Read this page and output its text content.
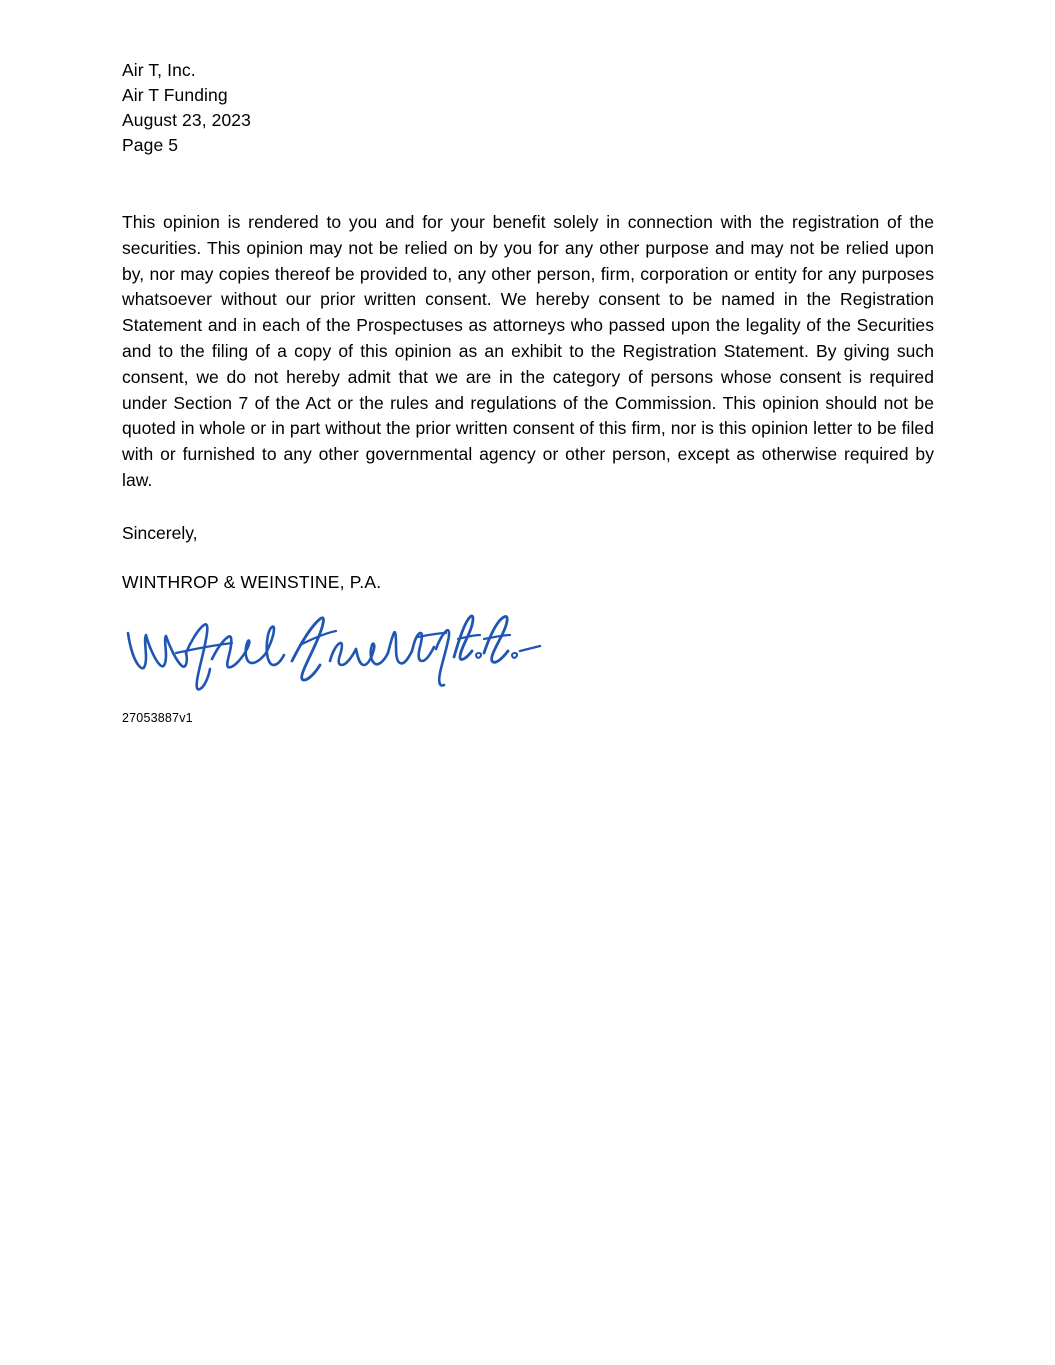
Air T, Inc.
Air T Funding
August 23, 2023
Page 5

This opinion is rendered to you and for your benefit solely in connection with the registration of the securities. This opinion may not be relied on by you for any other purpose and may not be relied upon by, nor may copies thereof be provided to, any other person, firm, corporation or entity for any purposes whatsoever without our prior written consent. We hereby consent to be named in the Registration Statement and in each of the Prospectuses as attorneys who passed upon the legality of the Securities and to the filing of a copy of this opinion as an exhibit to the Registration Statement. By giving such consent, we do not hereby admit that we are in the category of persons whose consent is required under Section 7 of the Act or the rules and regulations of the Commission. This opinion should not be quoted in whole or in part without the prior written consent of this firm, nor is this opinion letter to be filed with or furnished to any other governmental agency or other person, except as otherwise required by law.

Sincerely,
WINTHROP & WEINSTINE, P.A.
27053887v1
